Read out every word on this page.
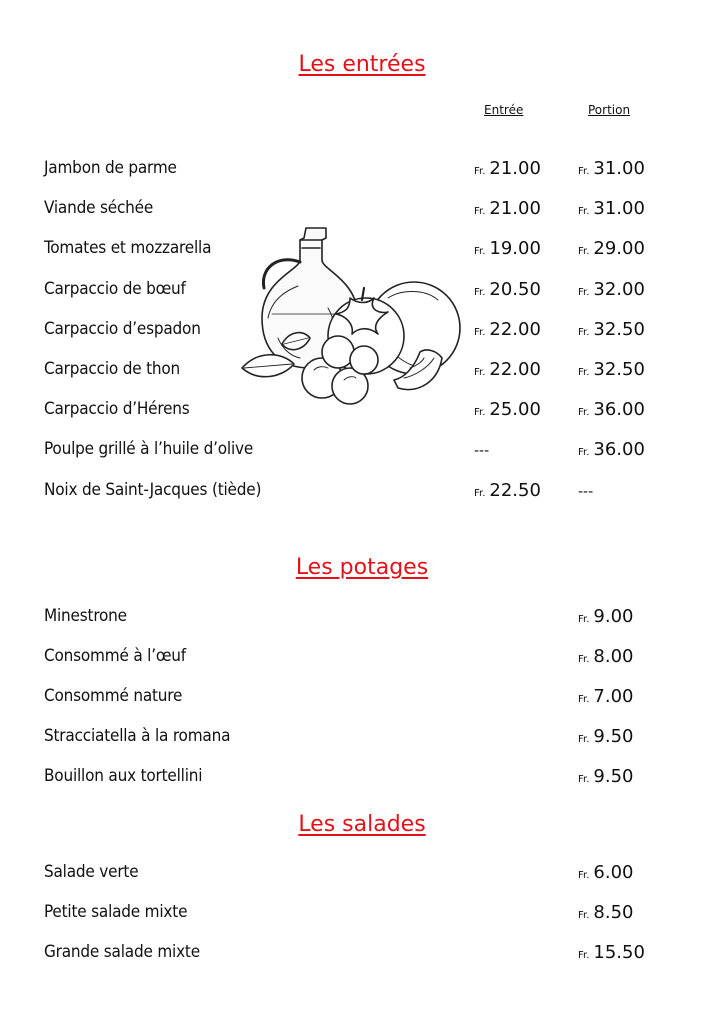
Les entrées
Entrée	Portion
Jambon de parme	Fr. 21.00	Fr. 31.00
Viande séchée	Fr. 21.00	Fr. 31.00
Tomates et mozzarella	Fr. 19.00	Fr. 29.00
Carpaccio de bœuf	Fr. 20.50	Fr. 32.00
Carpaccio d’espadon	Fr. 22.00	Fr. 32.50
Carpaccio de thon	Fr. 22.00	Fr. 32.50
Carpaccio d’Hérens	Fr. 25.00	Fr. 36.00
Poulpe grillé à l’huile d’olive	---	Fr. 36.00
Noix de Saint-Jacques (tiède)	Fr. 22.50	---
Les potages
Minestrone	Fr. 9.00
Consommé à l’œuf	Fr. 8.00
Consommé nature	Fr. 7.00
Stracciatella à la romana	Fr. 9.50
Bouillon aux tortellini	Fr. 9.50
Les salades
Salade verte	Fr. 6.00
Petite salade mixte	Fr. 8.50
Grande salade mixte	Fr. 15.50
